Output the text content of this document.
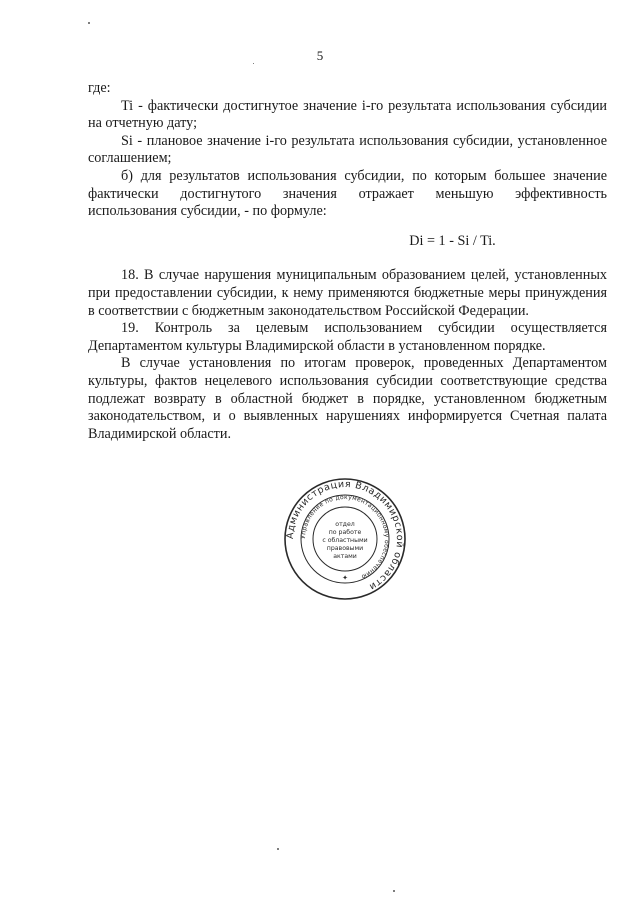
5

где:

Ti - фактически достигнутое значение i-го результата использования субсидии на отчетную дату;

Si - плановое значение i-го результата использования субсидии, установленное соглашением;

б) для результатов использования субсидии, по которым большее значение фактически достигнутого значения отражает меньшую эффективность использования субсидии, - по формуле:

Di = 1 - Si / Ti.

18. В случае нарушения муниципальным образованием целей, установленных при предоставлении субсидии, к нему применяются бюджетные меры принуждения в соответствии с бюджетным законодательством Российской Федерации.

19. Контроль за целевым использованием субсидии осуществляется Департаментом культуры Владимирской области в установленном порядке.

В случае установления по итогам проверок, проведенных Департаментом культуры, фактов нецелевого использования субсидии соответствующие средства подлежат возврату в областной бюджет в порядке, установленном бюджетным законодательством, и о выявленных нарушениях информируется Счетная палата Владимирской области.

Администрация Владимирской области
Управление по документационному обеспечению
отдел
по работе
с областными
правовыми
актами
✦
